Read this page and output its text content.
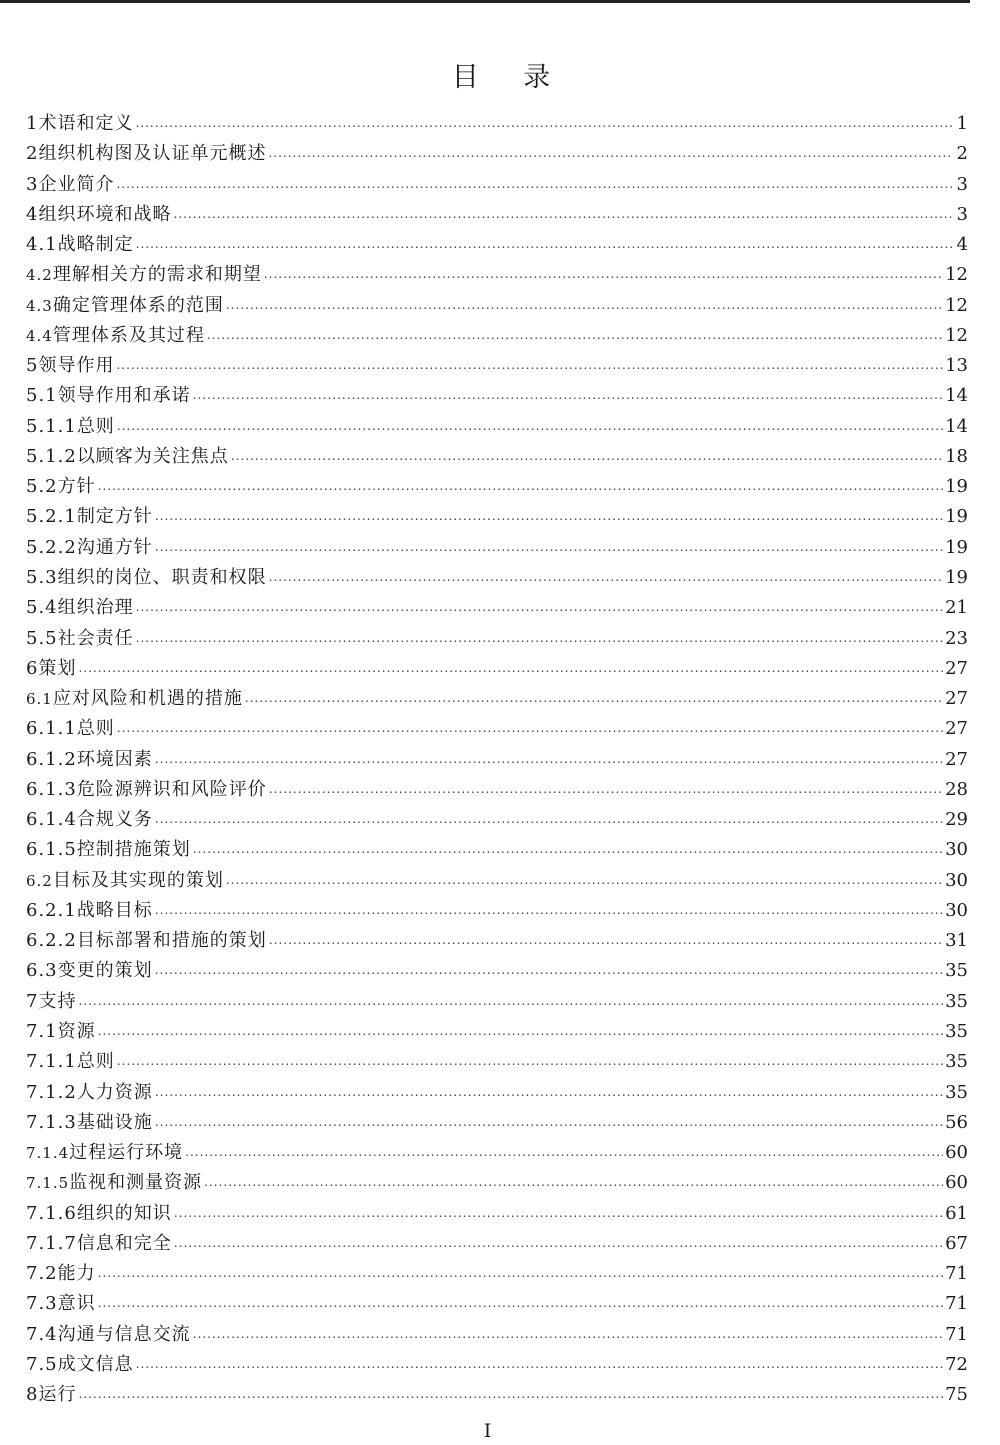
目 录
1 术语和定义 .....	1
2 组织机构图及认证单元概述 .....	2
3 企业简介 .....	3
4 组织环境和战略 .....	3
4.1 战略制定 .....	4
4.2 理解相关方的需求和期望 .....	12
4.3 确定管理体系的范围 .....	12
4.4 管理体系及其过程 .....	12
5 领导作用 .....	13
5.1 领导作用和承诺 .....	14
5.1.1 总则 .....	14
5.1.2 以顾客为关注焦点 .....	18
5.2 方针 .....	19
5.2.1 制定方针 .....	19
5.2.2 沟通方针 .....	19
5.3 组织的岗位、职责和权限 .....	19
5.4 组织治理 .....	21
5.5 社会责任 .....	23
6 策划 .....	27
6.1 应对风险和机遇的措施 .....	27
6.1.1 总则 .....	27
6.1.2 环境因素 .....	27
6.1.3 危险源辨识和风险评价 .....	28
6.1.4 合规义务 .....	29
6.1.5 控制措施策划 .....	30
6.2 目标及其实现的策划 .....	30
6.2.1 战略目标 .....	30
6.2.2 目标部署和措施的策划 .....	31
6.3 变更的策划 .....	35
7 支持 .....	35
7.1 资源 .....	35
7.1.1 总则 .....	35
7.1.2 人力资源 .....	35
7.1.3 基础设施 .....	56
7.1.4 过程运行环境 .....	60
7.1.5 监视和测量资源 .....	60
7.1.6 组织的知识 .....	61
7.1.7 信息和完全 .....	67
7.2 能力 .....	71
7.3 意识 .....	71
7.4 沟通与信息交流 .....	71
7.5 成文信息 .....	72
8 运行 .....	75
I
